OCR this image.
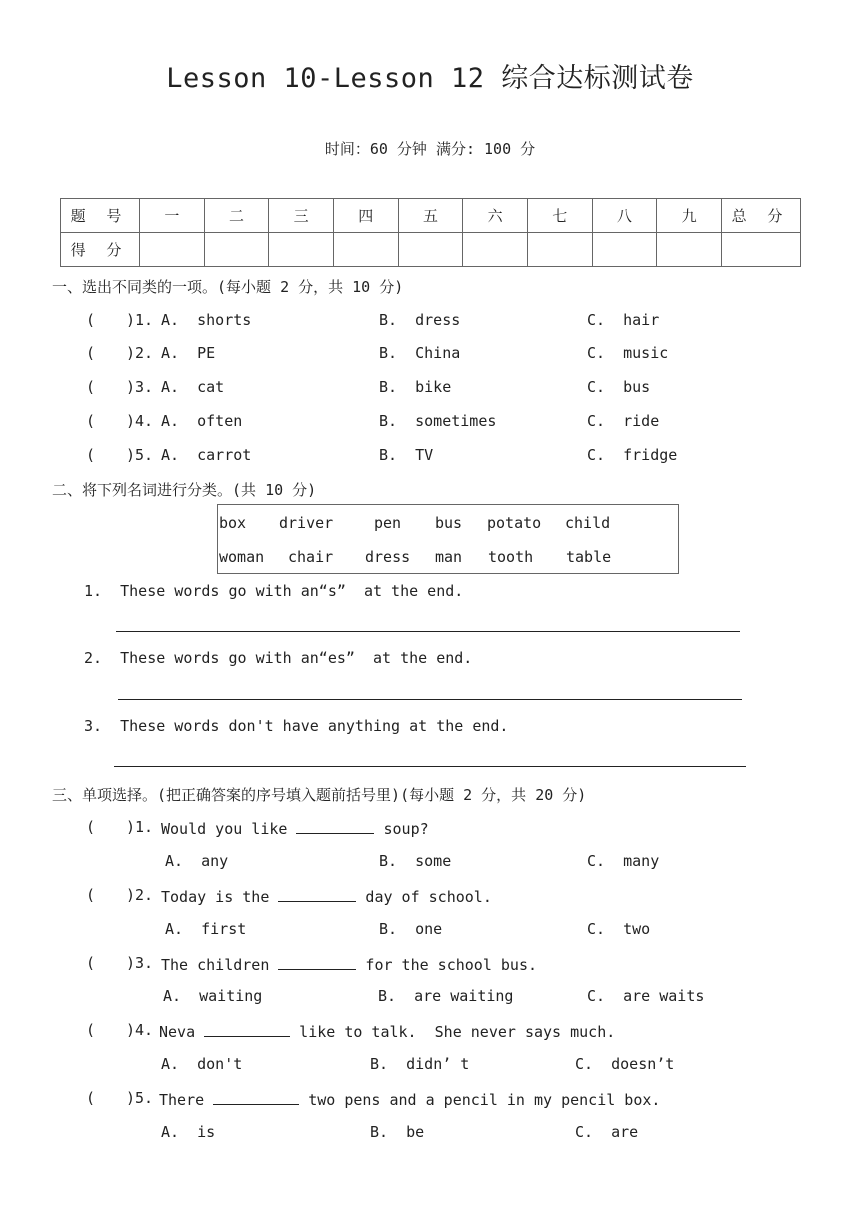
Lesson 10-Lesson 12 综合达标测试卷
时间：60 分钟 满分: 100 分
题 号	一	二	三	四	五	六	七	八	九	总 分
得 分										
一、选出不同类的一项。(每小题 2 分，共 10 分)
( )1. A.  shorts	B.  dress	C.  hair
( )2. A.  PE	B.  China	C.  music
( )3. A.  cat	B.  bike	C.  bus
( )4. A.  often	B.  sometimes	C.  ride
( )5. A.  carrot	B.  TV	C.  fridge
二、将下列名词进行分类。(共 10 分)
box driver	pen bus potato child
woman chair dress man tooth table
1.  These words go with an“s”  at the end.
2.  These words go with an“es”  at the end.
3.  These words don't have anything at the end.
三、单项选择。(把正确答案的序号填入题前括号里)(每小题 2 分，共 20 分)
( )1. Would you like	soup?
A.  any	B.  some	C.  many
( )2. Today is the	day of school.
A.  first	B.  one	C.  two
( )3. The children	for the school bus.
A.  waiting	B.  are waiting	C.  are waits
( )4. Neva	like to talk.  She never says much.
A.  don't	B.  didn’ t	C.  doesn’t
( )5. There	two pens and a pencil in my pencil box.
A.  is	B.  be	C.  are
